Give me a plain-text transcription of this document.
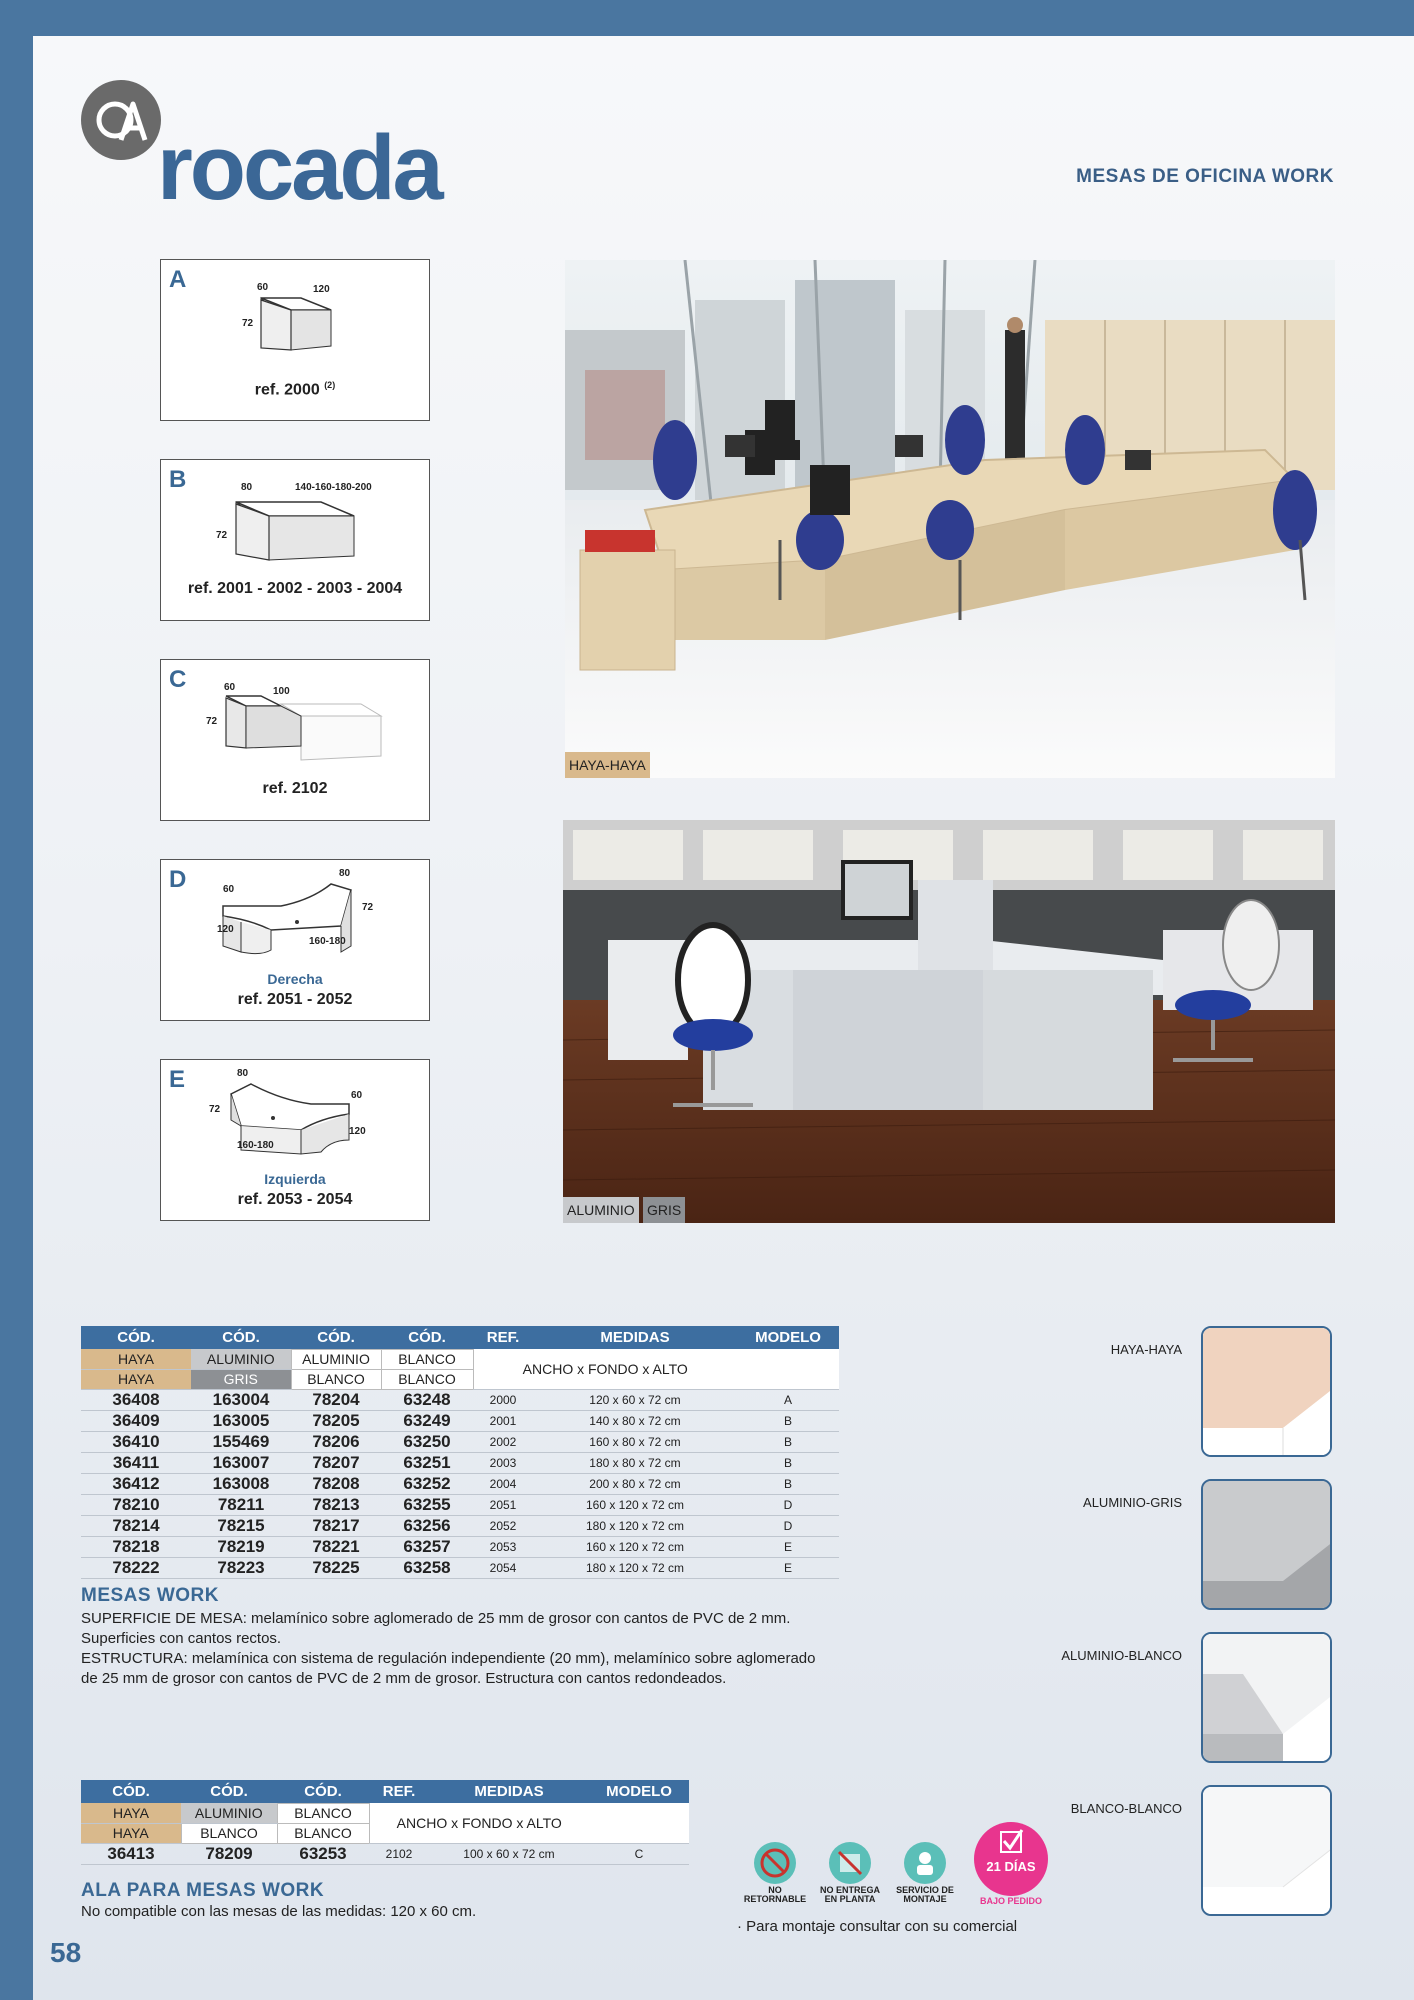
rocada	MESAS DE OFICINA WORK
A	60	120
72
ref. 2000 $^{(2)}$
B	80	140-160-180-200
72
ref. 2001 - 2002 - 2003 - 2004
C	60	100
72
ref. 2102
D	60
80
72
120
160-180
Derecha
ref. 2051 - 2052
E	80
60
72
120
160-180
Izquierda
ref. 2053 - 2054
HAYA-HAYA
ALUMINIO GRIS
CÓD.	CÓD.	CÓD.	CÓD.	REF.	MEDIDAS	MODELO
HAYA	ALUMINIO	ALUMINIO	BLANCO	ANCHO x FONDO x ALTO		
HAYA	GRIS	BLANCO	BLANCO			
36408	163004	78204	63248	2000	120 x 60 x 72 cm	A
36409	163005	78205	63249	2001	140 x 80 x 72 cm	B
36410	155469	78206	63250	2002	160 x 80 x 72 cm	B
36411	163007	78207	63251	2003	180 x 80 x 72 cm	B
36412	163008	78208	63252	2004	200 x 80 x 72 cm	B
78210	78211	78213	63255	2051	160 x 120 x 72 cm	D
78214	78215	78217	63256	2052	180 x 120 x 72 cm	D
78218	78219	78221	63257	2053	160 x 120 x 72 cm	E
78222	78223	78225	63258	2054	180 x 120 x 72 cm	E
MESAS WORK
SUPERFICIE DE MESA: melamínico sobre aglomerado de 25 mm de grosor con cantos de PVC de 2 mm.
Superficies con cantos rectos.
ESTRUCTURA: melamínica con sistema de regulación independiente (20 mm), melamínico sobre aglomerado
de 25 mm de grosor con cantos de PVC de 2 mm de grosor. Estructura con cantos redondeados.
CÓD.	CÓD.	CÓD.	REF.	MEDIDAS	MODELO
HAYA	ALUMINIO	BLANCO	ANCHO x FONDO x ALTO		
HAYA	BLANCO	BLANCO			
36413	78209	63253	2102	100 x 60 x 72 cm	C
ALA PARA MESAS WORK
No compatible con las mesas de las medidas: 120 x 60 cm.
HAYA-HAYA
ALUMINIO-GRIS
ALUMINIO-BLANCO
BLANCO-BLANCO
NO
RETORNABLE
NO ENTREGA
EN PLANTA
SERVICIO DE
MONTAJE
21 DÍAS
BAJO PEDIDO
· Para montaje consultar con su comercial
58
